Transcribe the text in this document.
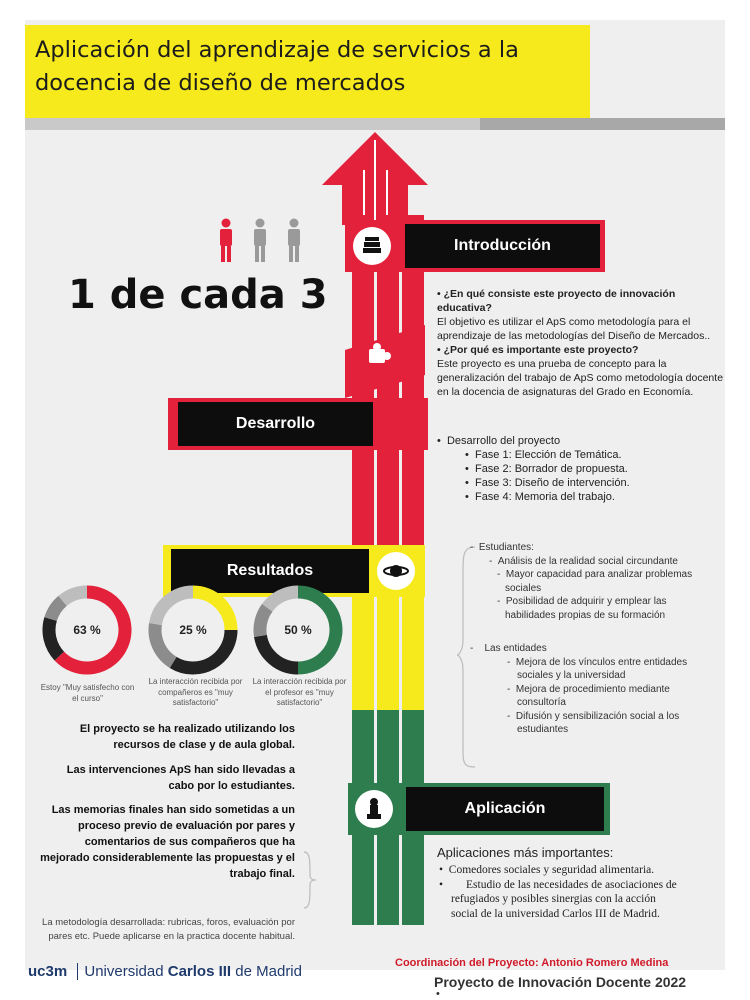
Aplicación del aprendizaje de servicios a la docencia de diseño de mercados
Introducción
Desarrollo
Resultados
Aplicación
1 de cada 3	• ¿En qué consiste este proyecto de innovación educativa?
El objetivo es utilizar el ApS como metodología para el aprendizaje de las metodologías del Diseño de Mercados..
• ¿Por qué es importante este proyecto?
Este proyecto es una prueba de concepto para la generalización del trabajo de ApS como metodología docente en la docencia de asignaturas del Grado en Economía.
•  Desarrollo del proyecto
•  Fase 1: Elección de Temática.
•  Fase 2: Borrador de propuesta.
•  Fase 3: Diseño de intervención.
•  Fase 4: Memoria del trabajo.
-  Estudiantes:
-  Análisis de la realidad social circundante
-  Mayor capacidad para analizar problemas sociales
-  Posibilidad de adquirir y emplear las habilidades propias de su formación
-    Las entidades
-  Mejora de los vínculos entre entidades sociales y la universidad
-  Mejora de procedimiento mediante consultoría
-  Difusión y sensibilización social a los estudiantes
63 %	25 %	50 %
Estoy "Muy satisfecho con el curso"
La interacción recibida por compañeros es "muy satisfactorio"
La interacción recibida por el profesor es "muy satisfactorio"
El proyecto se ha realizado utilizando los recursos de clase y de aula global.
Las intervenciones ApS han sido llevadas a cabo por lo estudiantes.
Las memorias finales han sido sometidas a un proceso previo de evaluación por pares y comentarios de sus compañeros que ha mejorado considerablemente las propuestas y el trabajo final.
La metodología desarrollada: rubricas, foros, evaluación por pares etc. Puede aplicarse en la practica docente habitual.
Aplicaciones más importantes:
•  Comedores sociales y seguridad alimentaria.
•        Estudio de las necesidades de asociaciones de refugiados y posibles sinergias con la acción social de la universidad Carlos III de Madrid.
uc3m Universidad Carlos III de Madrid	Coordinación del Proyecto: Antonio Romero Medina
Proyecto de Innovación Docente 2022
•
